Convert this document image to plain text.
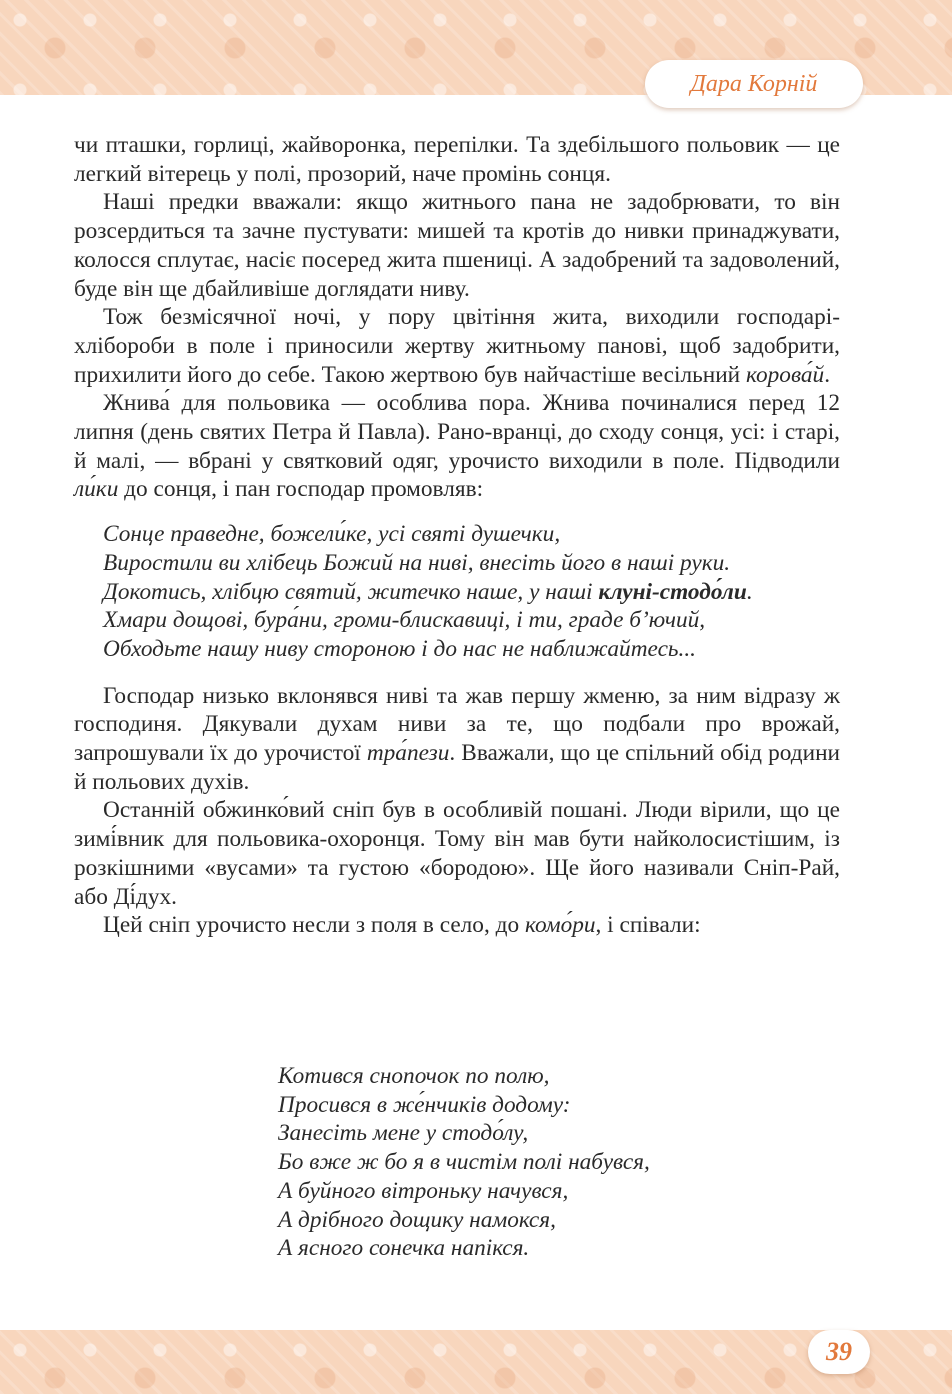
Дара Корній

чи пташки, горлиці, жайворонка, перепілки. Та здебільшого польовик — це легкий вітерець у полі, прозорий, наче промінь сонця.

Наші предки вважали: якщо житнього пана не задобрювати, то він розсердиться та зачне пустувати: мишей та кротів до нивки принаджувати, колосся сплутає, насіє посеред жита пшениці. А задобрений та задоволений, буде він ще дбайливіше доглядати ниву.

Тож безмісячної ночі, у пору цвітіння жита, виходили господарі-хлібороби в поле і приносили жертву житньому панові, щоб задобрити, прихилити його до себе. Такою жертвою був найчастіше весільний корова́й.

Жнива́ для польовика — особлива пора. Жнива починалися перед 12 липня (день святих Петра й Павла). Рано-вранці, до сходу сонця, усі: і старі, й малі, — вбрані у святковий одяг, урочисто виходили в поле. Підводили ли́ки до сонця, і пан господар промовляв:

Сонце праведне, божели́ке, усі святі душечки,
Виростили ви хлібець Божий на ниві, внесіть його в наші руки.
Докотись, хлібцю святий, житечко наше, у наші клуні-стодо́ли.
Хмари дощові, бура́ни, громи-блискавиці, і ти, граде б’ючий,
Обходьте нашу ниву стороною і до нас не наближайтесь...

Господар низько вклонявся ниві та жав першу жменю, за ним відразу ж господиня. Дякували духам ниви за те, що подбали про врожай, запрошували їх до урочистої тра́пези. Вважали, що це спільний обід родини й польових духів.

Останній обжинко́вий сніп був в особливій пошані. Люди вірили, що це зимі́вник для польовика-охоронця. Тому він мав бути найколосистішим, із розкішними «вусами» та густою «бородою». Ще його називали Сніп-Рай, або Ді́дух.

Цей сніп урочисто несли з поля в село, до комо́ри, і співали:

Котився снопочок по полю,
Просився в же́нчиків додому:
Занесіть мене у стодо́лу,
Бо вже ж бо я в чистім полі набувся,
А буйного вітроньку начувся,
А дрібного дощику намокся,
А ясного сонечка напікся.
39
